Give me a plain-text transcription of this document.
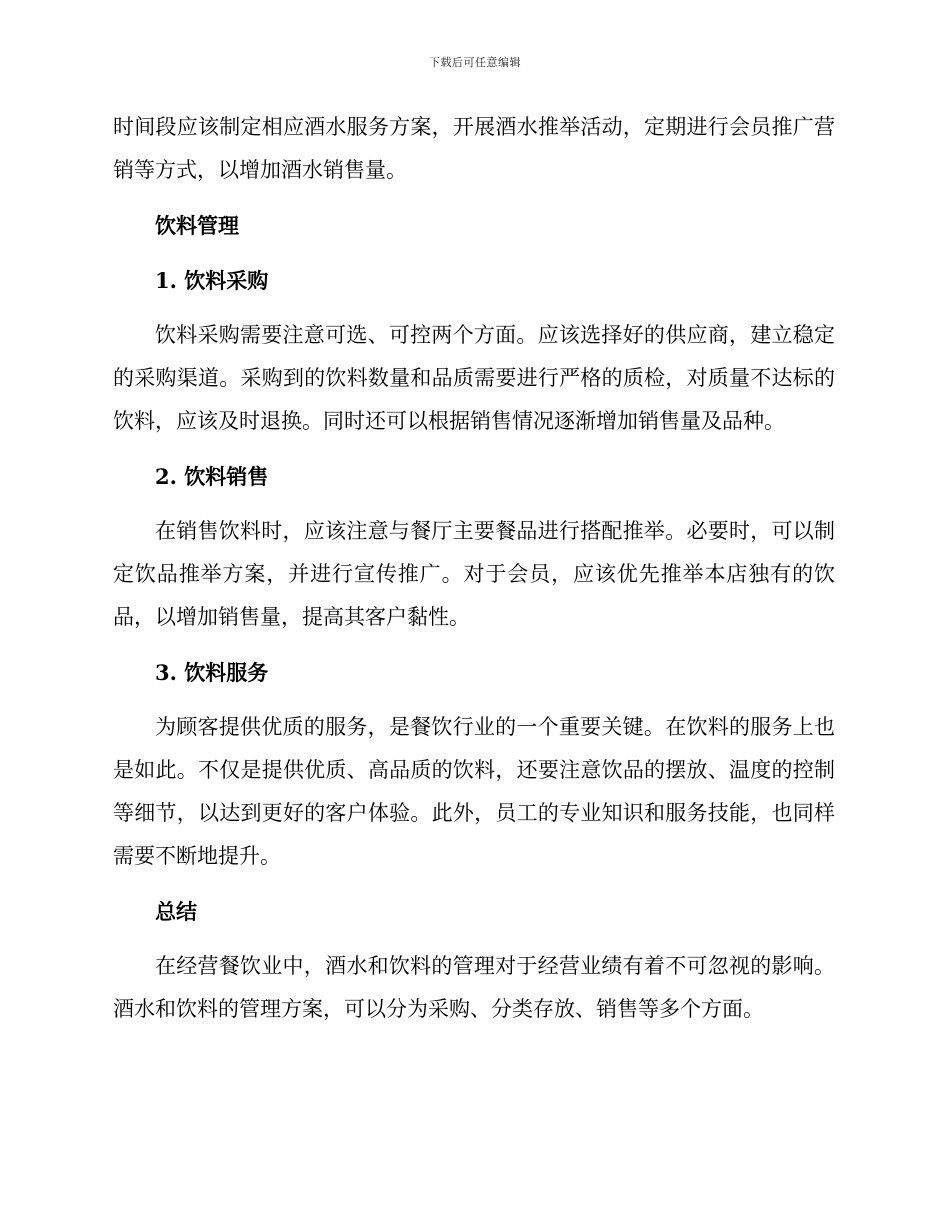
下载后可任意编辑

时间段应该制定相应酒水服务方案，开展酒水推举活动，定期进行会员推广营销等方式，以增加酒水销售量。

饮料管理
1. 饮料采购

饮料采购需要注意可选、可控两个方面。应该选择好的供应商，建立稳定的采购渠道。采购到的饮料数量和品质需要进行严格的质检，对质量不达标的饮料，应该及时退换。同时还可以根据销售情况逐渐增加销售量及品种。

2. 饮料销售

在销售饮料时，应该注意与餐厅主要餐品进行搭配推举。必要时，可以制定饮品推举方案，并进行宣传推广。对于会员，应该优先推举本店独有的饮品，以增加销售量，提高其客户黏性。

3. 饮料服务

为顾客提供优质的服务，是餐饮行业的一个重要关键。在饮料的服务上也是如此。不仅是提供优质、高品质的饮料，还要注意饮品的摆放、温度的控制等细节，以达到更好的客户体验。此外，员工的专业知识和服务技能，也同样需要不断地提升。

总结

在经营餐饮业中，酒水和饮料的管理对于经营业绩有着不可忽视的影响。酒水和饮料的管理方案，可以分为采购、分类存放、销售等多个方面。
